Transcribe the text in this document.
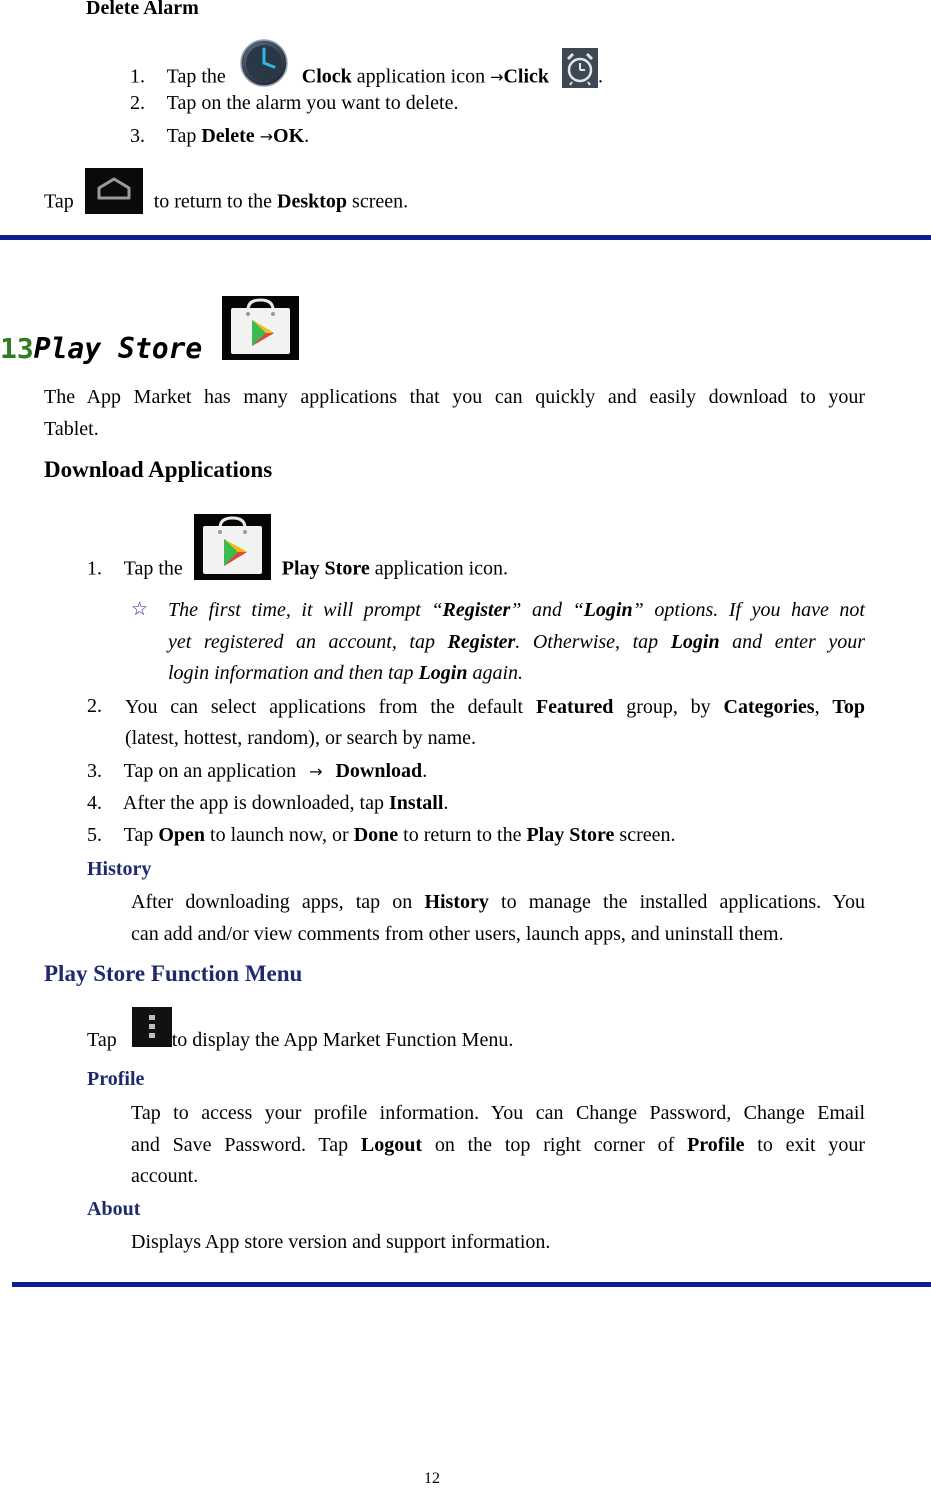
Delete Alarm
1. Tap the	Clock application icon →Click .
2. Tap on the alarm you want to delete.
3. Tap Delete →OK.
Tap	to return to the Desktop screen.
13Play Store
The App Market has many applications that you can quickly and easily download to your
Tablet.
Download Applications
1. Tap the	Play Store application icon.
☆ The first time, it will prompt “Register” and “Login” options. If you have not
yet registered an account, tap Register. Otherwise, tap Login and enter your
login information and then tap Login again.
2. You can select applications from the default Featured group, by Categories, Top
(latest, hottest, random), or search by name.
3. Tap on an application → Download.
4. After the app is downloaded, tap Install.
5. Tap Open to launch now, or Done to return to the Play Store screen.
History
After downloading apps, tap on History to manage the installed applications. You
can add and/or view comments from other users, launch apps, and uninstall them.
Play Store Function Menu
Tap	to display the App Market Function Menu.
Profile
Tap to access your profile information. You can Change Password, Change Email
and Save Password. Tap Logout on the top right corner of Profile to exit your
account.
About
Displays App store version and support information.
12
